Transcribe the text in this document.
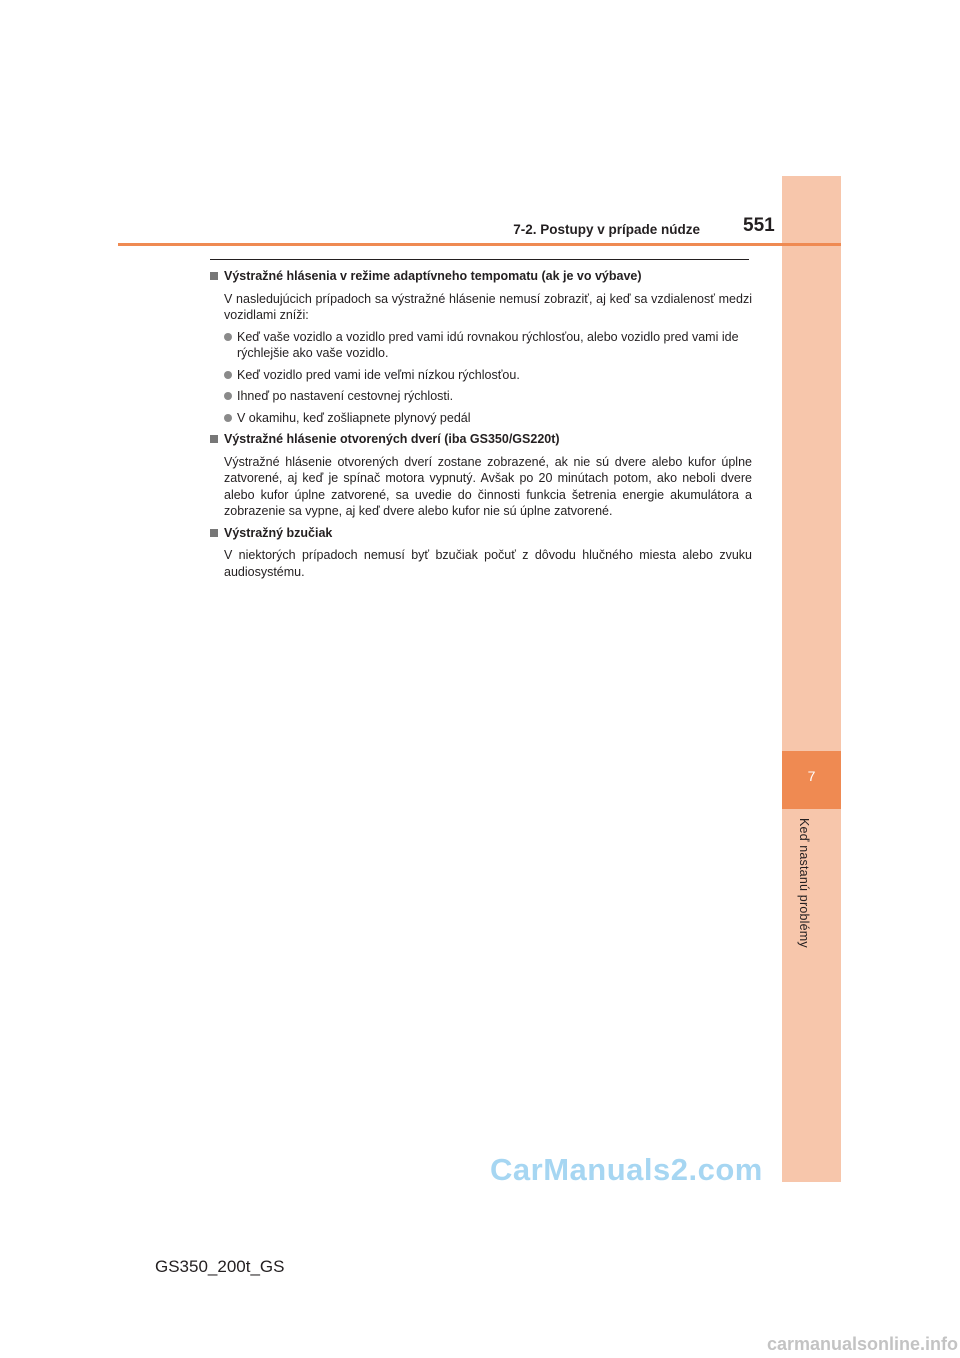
7
Keď nastanú problémy
7-2. Postupy v prípade núdze 551
Výstražné hlásenia v režime adaptívneho tempomatu (ak je vo výbave)
V nasledujúcich prípadoch sa výstražné hlásenie nemusí zobraziť, aj keď sa vzdialenosť medzi vozidlami zníži:
Keď vaše vozidlo a vozidlo pred vami idú rovnakou rýchlosťou, alebo vozidlo pred vami ide rýchlejšie ako vaše vozidlo.
Keď vozidlo pred vami ide veľmi nízkou rýchlosťou.
Ihneď po nastavení cestovnej rýchlosti.
V okamihu, keď zošliapnete plynový pedál
Výstražné hlásenie otvorených dverí (iba GS350/GS220t)
Výstražné hlásenie otvorených dverí zostane zobrazené, ak nie sú dvere alebo kufor úplne zatvorené, aj keď je spínač motora vypnutý. Avšak po 20 minútach potom, ako neboli dvere alebo kufor úplne zatvorené, sa uvedie do činnosti funkcia šetrenia energie akumulátora a zobrazenie sa vypne, aj keď dvere alebo kufor nie sú úplne zatvorené.
Výstražný bzučiak
V niektorých prípadoch nemusí byť bzučiak počuť z dôvodu hlučného miesta alebo zvuku audiosystému.
GS350_200t_GS
CarManuals2.com
carmanualsonline.info
